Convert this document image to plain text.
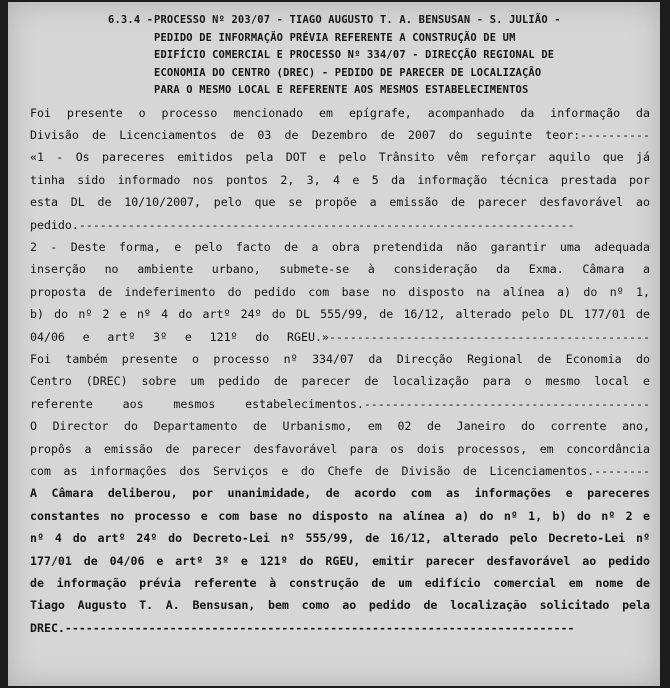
6.3.4 - PROCESSO Nº 203/07 - TIAGO AUGUSTO T. A. BENSUSAN - S. JULIÃO -
PEDIDO DE INFORMAÇÃO PRÉVIA REFERENTE A CONSTRUÇÃO DE UM
EDIFÍCIO COMERCIAL E PROCESSO Nº 334/07 - DIRECÇÃO REGIONAL DE
ECONOMIA DO CENTRO (DREC) - PEDIDO DE PARECER DE LOCALIZAÇÃO
PARA O MESMO LOCAL E REFERENTE AOS MESMOS ESTABELECIMENTOS
Foi presente o processo mencionado em epígrafe, acompanhado da informação da
Divisão de Licenciamentos de 03 de Dezembro de 2007 do seguinte teor:----------
«1 - Os pareceres emitidos pela DOT e pelo Trânsito vêm reforçar aquilo que já
tinha sido informado nos pontos 2, 3, 4 e 5 da informação técnica prestada por
esta DL de 10/10/2007, pelo que se propõe a emissão de parecer desfavorável ao
pedido.-----------------------------------------------------------------------
2 - Deste forma, e pelo facto de a obra pretendida não garantir uma adequada
inserção no ambiente urbano, submete-se à consideração da Exma. Câmara a
proposta de indeferimento do pedido com base no disposto na alínea a) do nº 1,
b) do nº 2 e nº 4 do artº 24º do DL 555/99, de 16/12, alterado pelo DL 177/01 de
04/06 e artº 3º e 121º do RGEU.»----------------------------------------------
Foi também presente o processo nº 334/07 da Direcção Regional de Economia do
Centro (DREC) sobre um pedido de parecer de localização para o mesmo local e
referente aos mesmos estabelecimentos.-----------------------------------------
O Director do Departamento de Urbanismo, em 02 de Janeiro do corrente ano,
propôs a emissão de parecer desfavorável para os dois processos, em concordância
com as informações dos Serviços e do Chefe de Divisão de Licenciamentos.--------
A Câmara deliberou, por unanimidade, de acordo com as informações e pareceres
constantes no processo e com base no disposto na alínea a) do nº 1, b) do nº 2 e
nº 4 do artº 24º do Decreto-Lei nº 555/99, de 16/12, alterado pelo Decreto-Lei nº
177/01 de 04/06 e artº 3º e 121º do RGEU, emitir parecer desfavorável ao pedido
de informação prévia referente à construção de um edifício comercial em nome de
Tiago Augusto T. A. Bensusan, bem como ao pedido de localização solicitado pela
DREC.-------------------------------------------------------------------------
